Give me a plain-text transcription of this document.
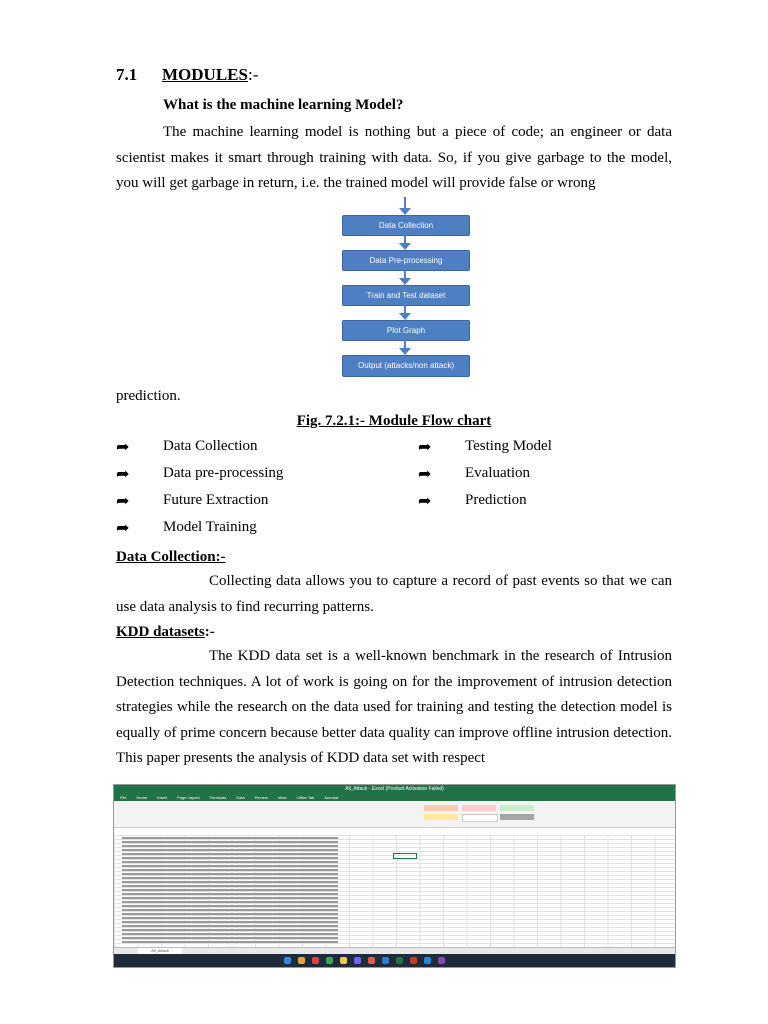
7.1 MODULES:-

What is the machine learning Model?

The machine learning model is nothing but a piece of code; an engineer or data scientist makes it smart through training with data. So, if you give garbage to the model, you will get garbage in return, i.e. the trained model will provide false or wrong

Data Collection
Data Pre-processing
Train and Test dataset
Plot Graph
Output (attacks/non attack)

prediction.

Fig. 7.2.1:- Module Flow chart

➦ Data Collection
➦ Data pre-processing
➦ Future Extraction
➦ Model Training
➦ Testing Model
➦ Evaluation
➦ Prediction

Data Collection:-

Collecting data allows you to capture a record of past events so that we can use data analysis to find recurring patterns.

KDD datasets:-

The KDD data set is a well-known benchmark in the research of Intrusion Detection techniques. A lot of work is going on for the improvement of intrusion detection strategies while the research on the data used for training and testing the detection model is equally of prime concern because better data quality can improve offline intrusion detection. This paper presents the analysis of KDD data set with respect

All_Attack - Excel (Product Activation Failed)
File	Home	Insert	Page Layout	Formulas	Data	Review	View	Office Tab	Acrobat
All_Attack
